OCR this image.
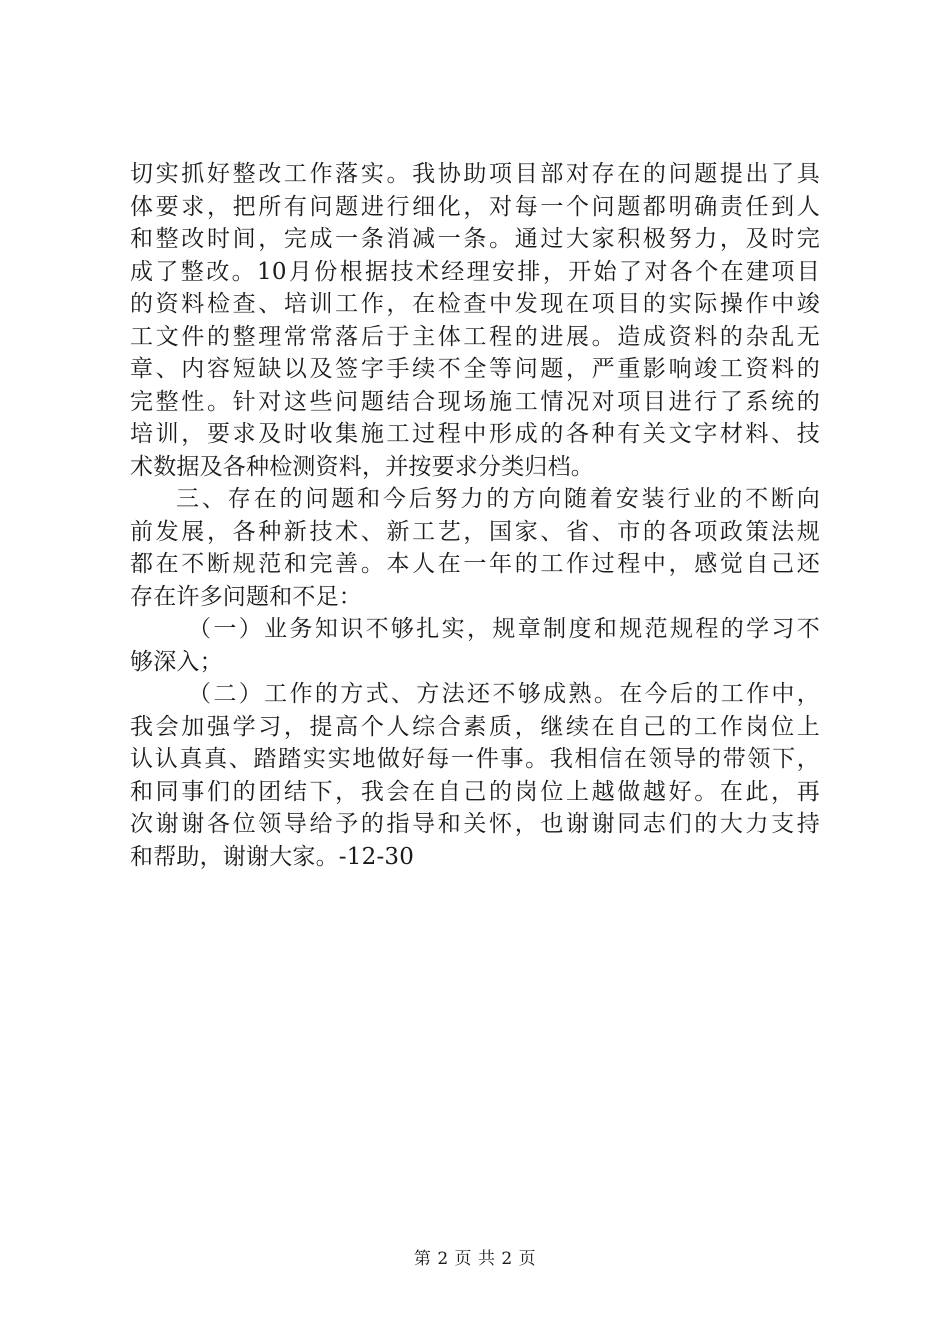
切实抓好整改工作落实。我协助项目部对存在的问题提出了具
体要求，把所有问题进行细化，对每一个问题都明确责任到人
和整改时间，完成一条消减一条。通过大家积极努力，及时完
成了整改。10月份根据技术经理安排，开始了对各个在建项目
的资料检查、培训工作，在检查中发现在项目的实际操作中竣
工文件的整理常常落后于主体工程的进展。造成资料的杂乱无
章、内容短缺以及签字手续不全等问题，严重影响竣工资料的
完整性。针对这些问题结合现场施工情况对项目进行了系统的
培训，要求及时收集施工过程中形成的各种有关文字材料、技
术数据及各种检测资料，并按要求分类归档。
三、存在的问题和今后努力的方向随着安装行业的不断向
前发展，各种新技术、新工艺，国家、省、市的各项政策法规
都在不断规范和完善。本人在一年的工作过程中，感觉自己还
存在许多问题和不足：
（一）业务知识不够扎实，规章制度和规范规程的学习不
够深入；
（二）工作的方式、方法还不够成熟。在今后的工作中，
我会加强学习，提高个人综合素质，继续在自己的工作岗位上
认认真真、踏踏实实地做好每一件事。我相信在领导的带领下，
和同事们的团结下，我会在自己的岗位上越做越好。在此，再
次谢谢各位领导给予的指导和关怀，也谢谢同志们的大力支持
和帮助，谢谢大家。-12-30
第 2 页 共 2 页
